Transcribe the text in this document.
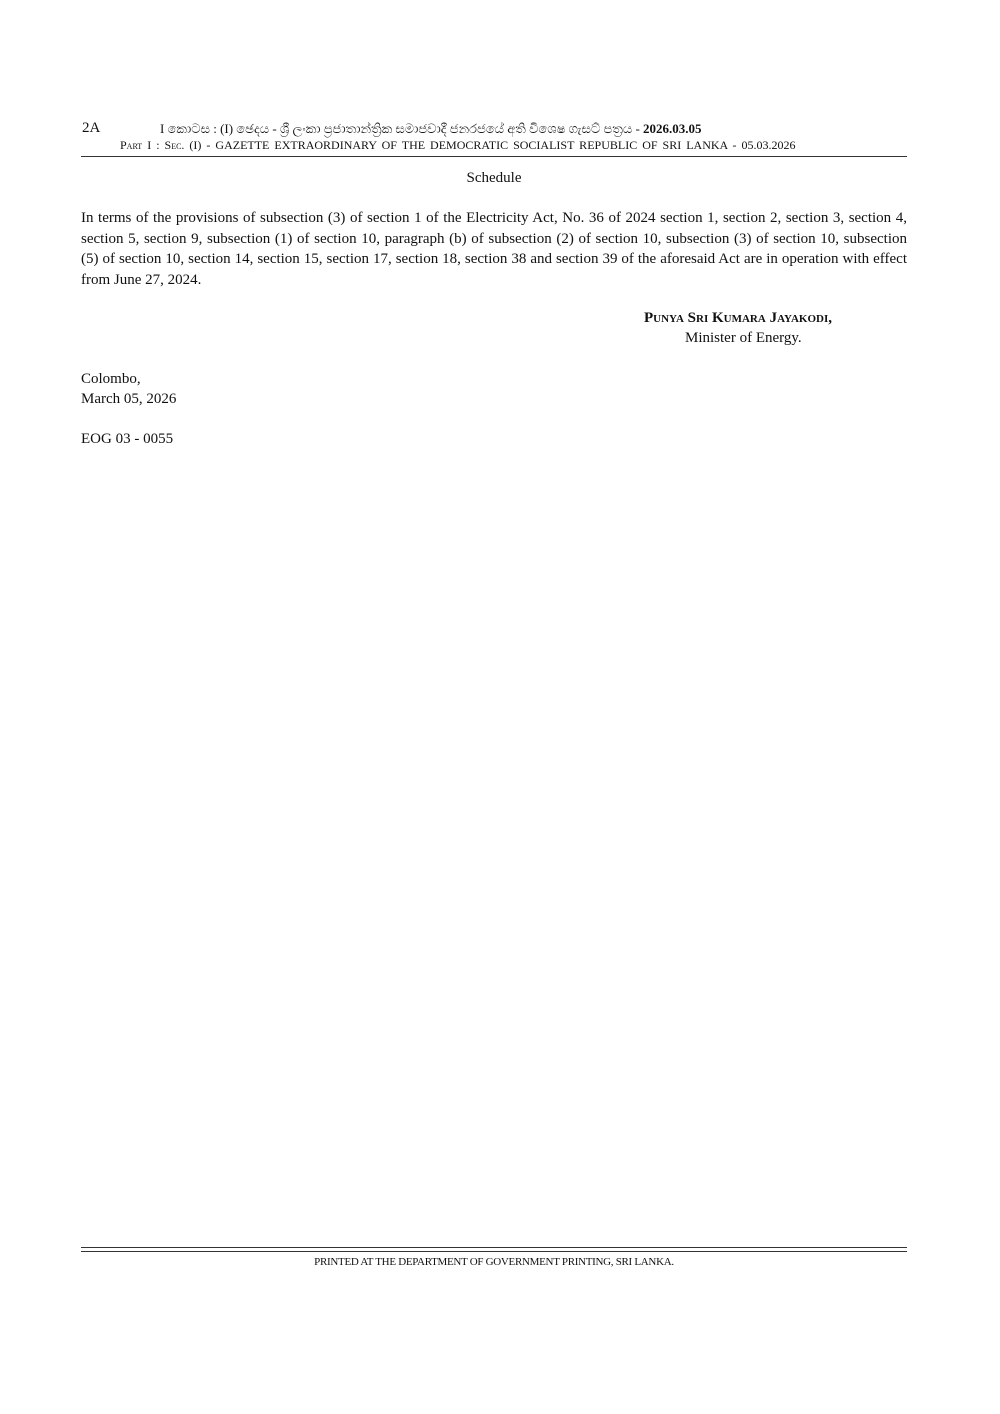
2A	I කොටස : (I) ඡෙදය - ශ්‍රී ලංකා ප්‍රජාතාන්ත්‍රික සමාජවාදී ජනරජයේ අති විශෙෂ ගැසට් පත්‍රය - 2026.03.05
Part I : Sec. (I) - GAZETTE EXTRAORDINARY OF THE DEMOCRATIC SOCIALIST REPUBLIC OF SRI LANKA - 05.03.2026
Schedule

In terms of the provisions of subsection (3) of section 1 of the Electricity Act, No. 36 of 2024 section 1, section 2, section 3, section 4, section 5, section 9, subsection (1) of section 10, paragraph (b) of subsection (2) of section 10, subsection (3) of section 10, subsection (5) of section 10, section 14, section 15, section 17, section 18, section 38 and section 39 of the aforesaid Act are in operation with effect from June 27, 2024.

Punya Sri Kumara Jayakodi,
Minister of Energy.
Colombo,
March 05, 2026
EOG 03 - 0055
PRINTED AT THE DEPARTMENT OF GOVERNMENT PRINTING, SRI LANKA.
